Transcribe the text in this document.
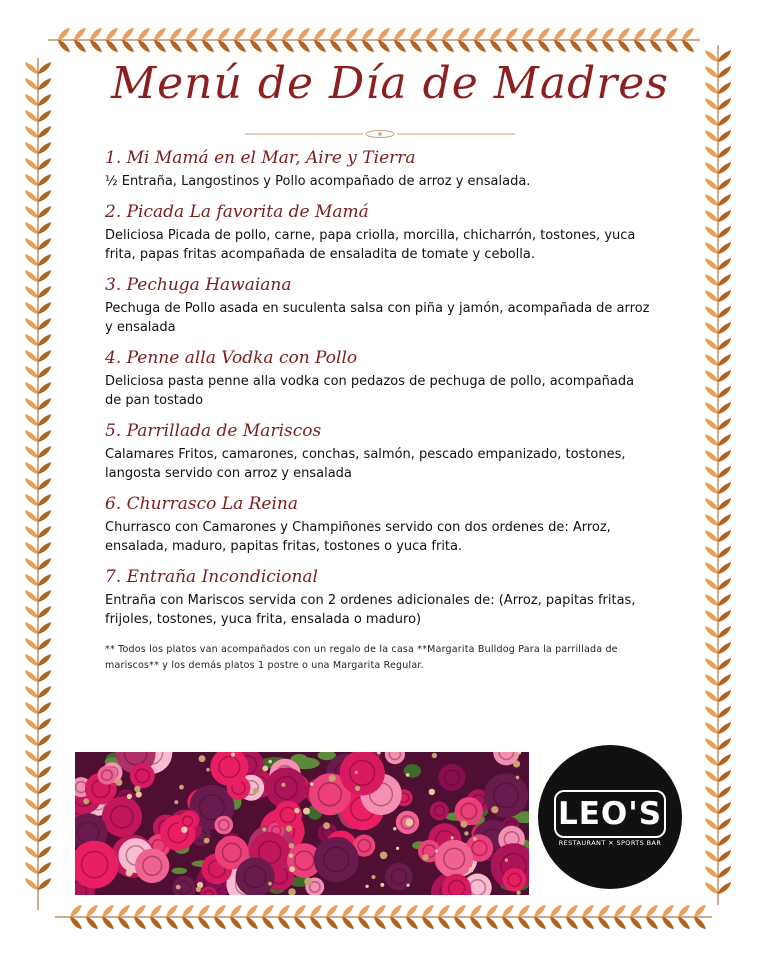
Menú de Día de Madres
1. Mi Mamá en el Mar, Aire y Tierra
½ Entraña, Langostinos y Pollo acompañado de arroz y ensalada.
2. Picada La favorita de Mamá
Deliciosa Picada de pollo, carne, papa criolla, morcilla, chicharrón, tostones, yuca frita, papas fritas acompañada de ensaladita de tomate y cebolla.
3. Pechuga Hawaiana
Pechuga de Pollo asada en suculenta salsa con piña y jamón, acompañada de arroz y ensalada
4. Penne alla Vodka con Pollo
Deliciosa pasta penne alla vodka con pedazos de pechuga de pollo, acompañada de pan tostado
5. Parrillada de Mariscos
Calamares Fritos, camarones, conchas, salmón, pescado empanizado, tostones, langosta servido con arroz y ensalada
6. Churrasco La Reina
Churrasco con Camarones y Champiñones servido con dos ordenes de: Arroz, ensalada, maduro, papitas fritas, tostones o yuca frita.
7. Entraña Incondicional
Entraña con Mariscos servida con 2 ordenes adicionales de: (Arroz, papitas fritas, frijoles, tostones, yuca frita, ensalada o maduro)
** Todos los platos van acompañados con un regalo de la casa **Margarita Bulldog Para la parrillada de mariscos** y los demás platos 1 postre o una Margarita Regular.
LEO'S
RESTAURANT ✕ SPORTS BAR
